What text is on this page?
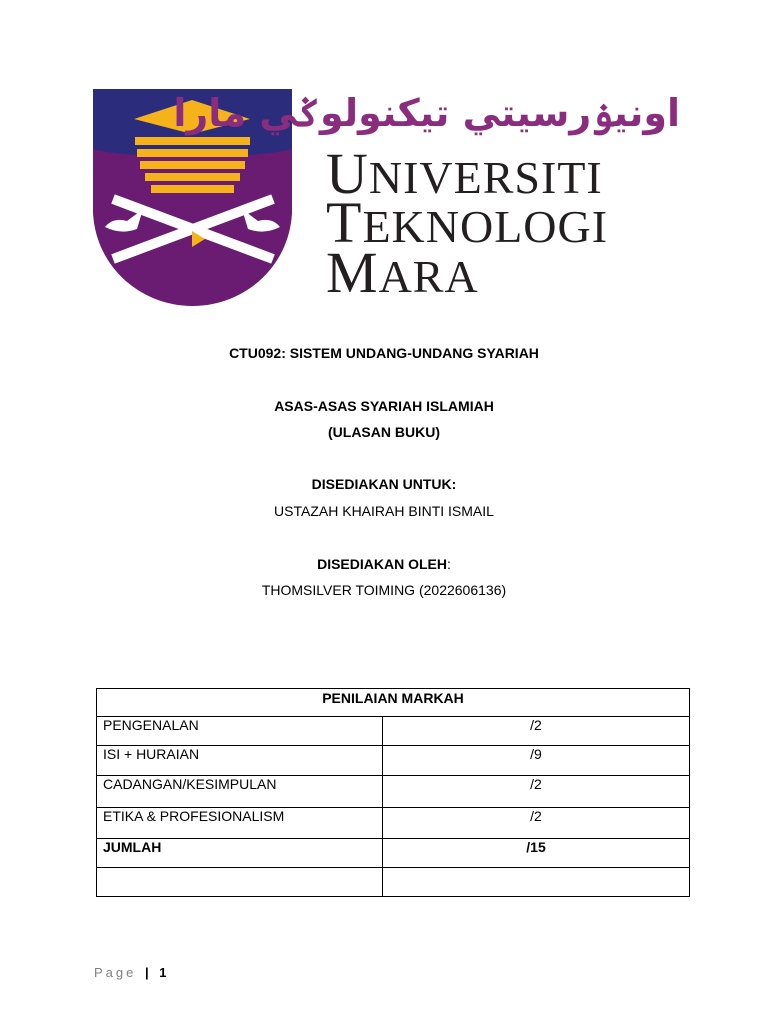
اونيۏرسيتي تيكنولوݢي مارا
UNIVERSITI
TEKNOLOGI
MARA
CTU092: SISTEM UNDANG-UNDANG SYARIAH
ASAS-ASAS SYARIAH ISLAMIAH
(ULASAN BUKU)
DISEDIAKAN UNTUK:
USTAZAH KHAIRAH BINTI ISMAIL
DISEDIAKAN OLEH:
THOMSILVER TOIMING (2022606136)
PENILAIAN MARKAH	
PENGENALAN	/2
ISI + HURAIAN	/9
CADANGAN/KESIMPULAN	/2
ETIKA & PROFESIONALISM	/2
JUMLAH	/15

Page | 1
